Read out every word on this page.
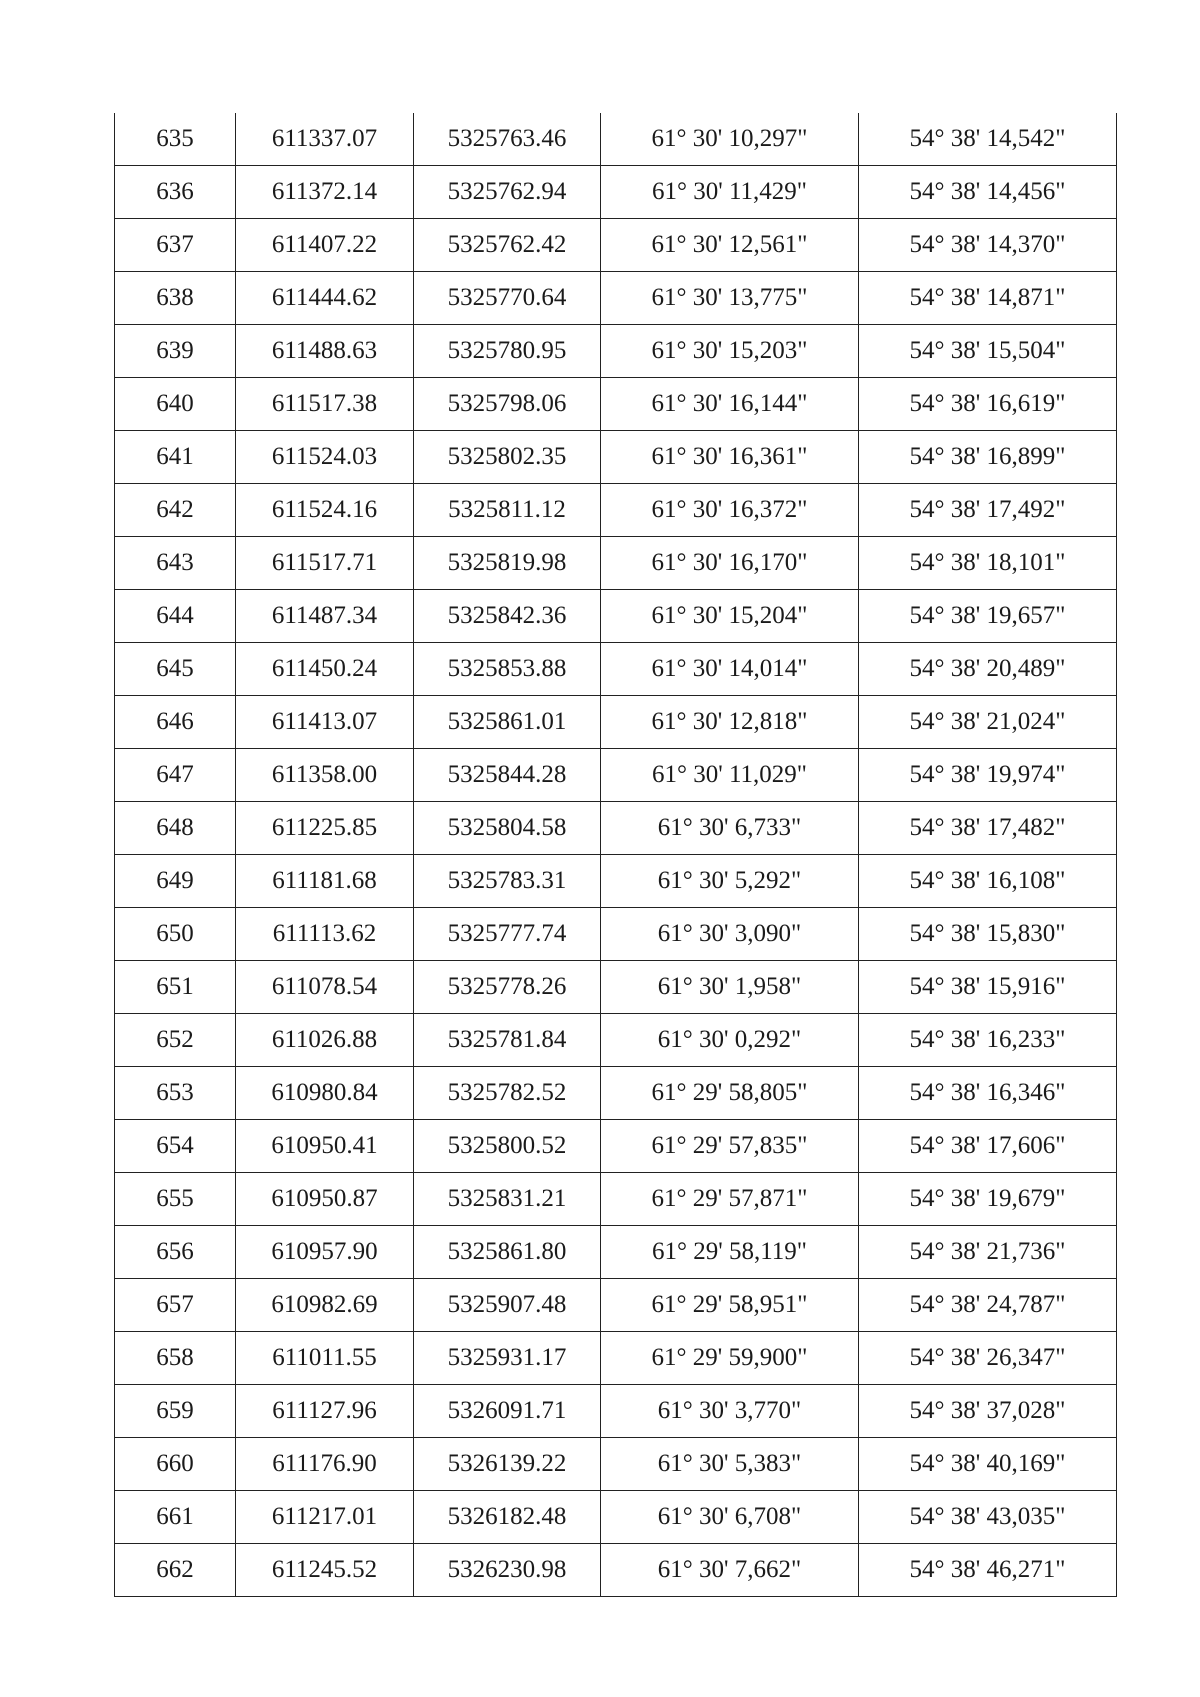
635	611337.07	5325763.46	61° 30' 10,297"	54° 38' 14,542"
636	611372.14	5325762.94	61° 30' 11,429"	54° 38' 14,456"
637	611407.22	5325762.42	61° 30' 12,561"	54° 38' 14,370"
638	611444.62	5325770.64	61° 30' 13,775"	54° 38' 14,871"
639	611488.63	5325780.95	61° 30' 15,203"	54° 38' 15,504"
640	611517.38	5325798.06	61° 30' 16,144"	54° 38' 16,619"
641	611524.03	5325802.35	61° 30' 16,361"	54° 38' 16,899"
642	611524.16	5325811.12	61° 30' 16,372"	54° 38' 17,492"
643	611517.71	5325819.98	61° 30' 16,170"	54° 38' 18,101"
644	611487.34	5325842.36	61° 30' 15,204"	54° 38' 19,657"
645	611450.24	5325853.88	61° 30' 14,014"	54° 38' 20,489"
646	611413.07	5325861.01	61° 30' 12,818"	54° 38' 21,024"
647	611358.00	5325844.28	61° 30' 11,029"	54° 38' 19,974"
648	611225.85	5325804.58	61° 30' 6,733"	54° 38' 17,482"
649	611181.68	5325783.31	61° 30' 5,292"	54° 38' 16,108"
650	611113.62	5325777.74	61° 30' 3,090"	54° 38' 15,830"
651	611078.54	5325778.26	61° 30' 1,958"	54° 38' 15,916"
652	611026.88	5325781.84	61° 30' 0,292"	54° 38' 16,233"
653	610980.84	5325782.52	61° 29' 58,805"	54° 38' 16,346"
654	610950.41	5325800.52	61° 29' 57,835"	54° 38' 17,606"
655	610950.87	5325831.21	61° 29' 57,871"	54° 38' 19,679"
656	610957.90	5325861.80	61° 29' 58,119"	54° 38' 21,736"
657	610982.69	5325907.48	61° 29' 58,951"	54° 38' 24,787"
658	611011.55	5325931.17	61° 29' 59,900"	54° 38' 26,347"
659	611127.96	5326091.71	61° 30' 3,770"	54° 38' 37,028"
660	611176.90	5326139.22	61° 30' 5,383"	54° 38' 40,169"
661	611217.01	5326182.48	61° 30' 6,708"	54° 38' 43,035"
662	611245.52	5326230.98	61° 30' 7,662"	54° 38' 46,271"
